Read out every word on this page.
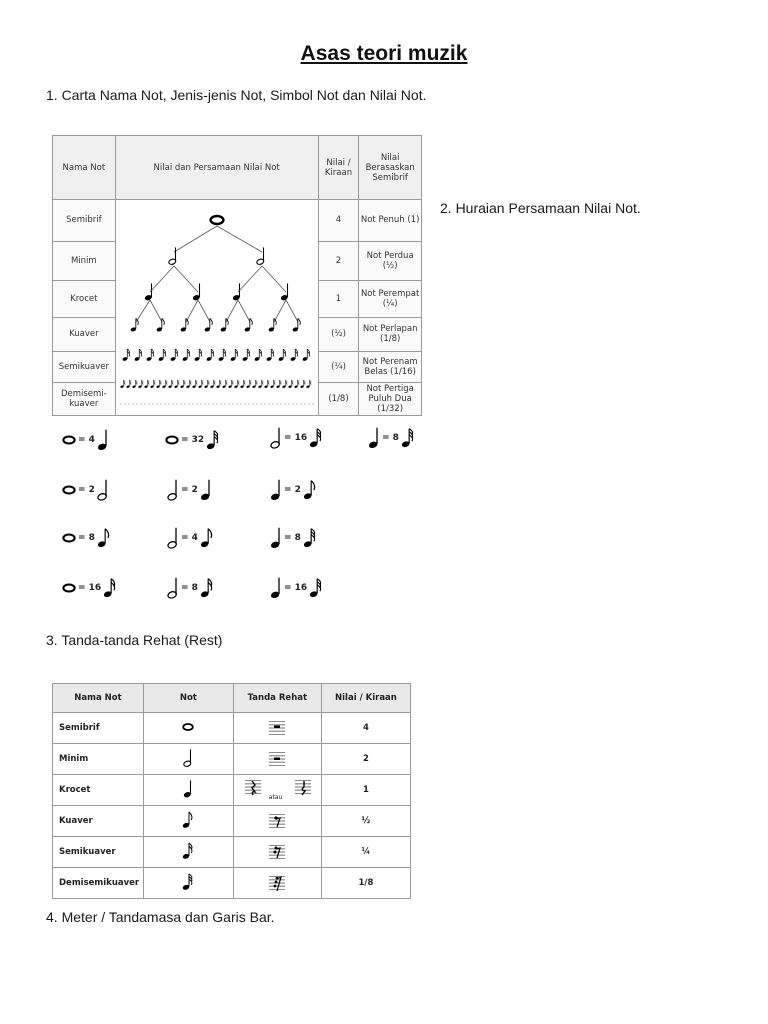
Asas teori muzik
1. Carta Nama Not, Jenis-jenis Not, Simbol Not dan Nilai Not.
Nama Not	Nilai dan Persamaan Nilai Not	Nilai / Kiraan	Nilai Berasaskan Semibrif
Semibrif		4	Not Penuh (1)
Minim		2	Not Perdua (½)
Krocet		1	Not Perempat (¼)
Kuaver		(½)	Not Perlapan (1/8)
Semikuaver		(¼)	Not Perenam Belas (1/16)
Demisemi-kuaver		(1/8)	Not Pertiga Puluh Dua (1/32)
2. Huraian Persamaan Nilai Not.
= 4	= 32	= 16	= 8
= 2	= 2	= 2
= 8	= 4	= 8
= 16	= 8	= 16
3. Tanda-tanda Rehat (Rest)
Nama Not	Not	Tanda Rehat	Nilai / Kiraan
Semibrif			4
Minim			2
Krocet		atau	1
Kuaver			½
Semikuaver			¼
Demisemikuaver			1/8
4. Meter / Tandamasa dan Garis Bar.
